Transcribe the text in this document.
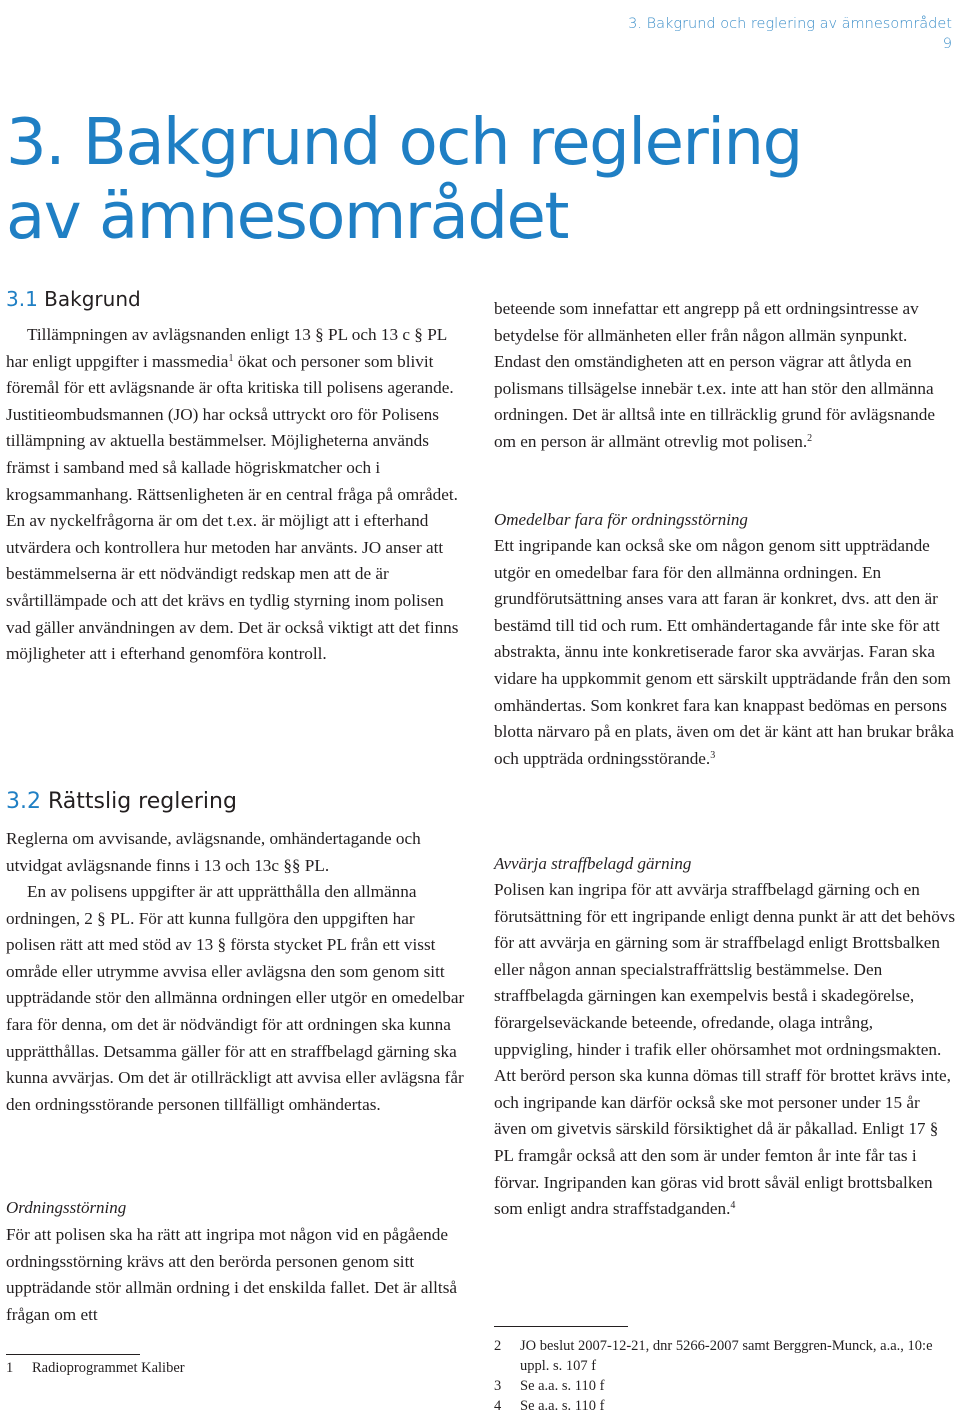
3. Bakgrund och reglering av ämnesområdet
9
3. Bakgrund och reglering
av ämnesområdet
3.1 Bakgrund

Tillämpningen av avlägsnanden enligt 13 § PL och 13 c § PL har enligt uppgifter i massmedia$^1$ ökat och personer som blivit föremål för ett avlägsnande är ofta kritiska till polisens agerande. Justitieombudsmannen (JO) har också uttryckt oro för Polisens tillämpning av aktuella bestämmelser. Möjligheterna används främst i samband med så kallade högriskmatcher och i krogsammanhang. Rättsenligheten är en central fråga på området. En av nyckelfrågorna är om det t.ex. är möjligt att i efterhand utvärdera och kontrollera hur metoden har använts. JO anser att bestämmelserna är ett nödvändigt redskap men att de är svårtillämpade och att det krävs en tydlig styrning inom polisen vad gäller användningen av dem. Det är också viktigt att det finns möjligheter att i efterhand genomföra kontroll.

3.2 Rättslig reglering

Reglerna om avvisande, avlägsnande, omhändertagande och utvidgat avlägsnande finns i 13 och 13c §§ PL.

En av polisens uppgifter är att upprätthålla den allmänna ordningen, 2 § PL. För att kunna fullgöra den uppgiften har polisen rätt att med stöd av 13 § första stycket PL från ett visst område eller utrymme avvisa eller avlägsna den som genom sitt uppträdande stör den allmänna ordningen eller utgör en omedelbar fara för denna, om det är nödvändigt för att ordningen ska kunna upprätthållas. Detsamma gäller för att en straffbelagd gärning ska kunna avvärjas. Om det är otillräckligt att avvisa eller avlägsna får den ordningsstörande personen tillfälligt omhändertas.

Ordningsstörning

För att polisen ska ha rätt att ingripa mot någon vid en pågående ordningsstörning krävs att den berörda personen genom sitt uppträdande stör allmän ordning i det enskilda fallet. Det är alltså frågan om ett

1	Radioprogrammet Kaliber

beteende som innefattar ett angrepp på ett ordningsintresse av betydelse för allmänheten eller från någon allmän synpunkt. Endast den omständigheten att en person vägrar att åtlyda en polismans tillsägelse innebär t.ex. inte att han stör den allmänna ordningen. Det är alltså inte en tillräcklig grund för avlägsnande om en person är allmänt otrevlig mot polisen.$^2$

Omedelbar fara för ordningsstörning

Ett ingripande kan också ske om någon genom sitt uppträdande utgör en omedelbar fara för den allmänna ordningen. En grundförutsättning anses vara att faran är konkret, dvs. att den är bestämd till tid och rum. Ett omhändertagande får inte ske för att abstrakta, ännu inte konkretiserade faror ska avvärjas. Faran ska vidare ha uppkommit genom ett särskilt uppträdande från den som omhändertas. Som konkret fara kan knappast bedömas en persons blotta närvaro på en plats, även om det är känt att han brukar bråka och uppträda ordningsstörande.$^3$

Avvärja straffbelagd gärning

Polisen kan ingripa för att avvärja straffbelagd gärning och en förutsättning för ett ingripande enligt denna punkt är att det behövs för att avvärja en gärning som är straffbelagd enligt Brottsbalken eller någon annan specialstraffrättslig bestämmelse. Den straffbelagda gärningen kan exempelvis bestå i skadegörelse, förargelseväckande beteende, ofredande, olaga intrång, uppvigling, hinder i trafik eller ohörsamhet mot ordningsmakten. Att berörd person ska kunna dömas till straff för brottet krävs inte, och ingripande kan därför också ske mot personer under 15 år även om givetvis särskild försiktighet då är påkallad. Enligt 17 § PL framgår också att den som är under femton år inte får tas i förvar. Ingripanden kan göras vid brott såväl enligt brottsbalken som enligt andra straffstadganden.$^4$

2	JO beslut 2007-12-21, dnr 5266-2007 samt Berggren-Munck, a.a., 10:e uppl. s. 107 f

3	Se a.a. s. 110 f

4	Se a.a. s. 110 f
